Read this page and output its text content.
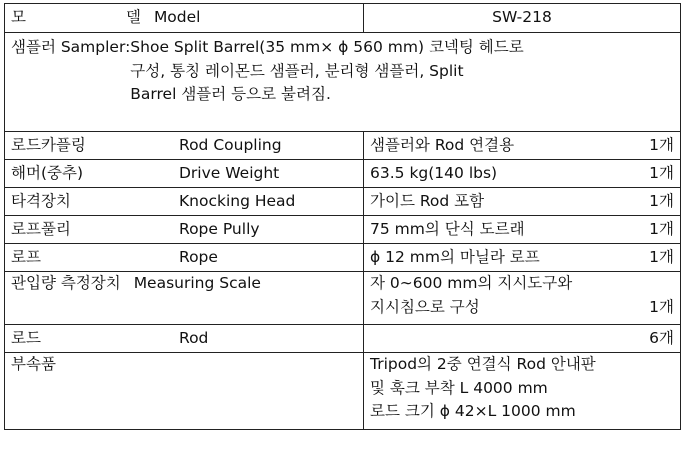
모 델 Model	SW-218

샘플러 Sampler: Shoe Split Barrel(35 mm× ϕ 560 mm) 코넥팅 헤드로
구성, 통칭 레이몬드 샘플러, 분리형 샘플러, Split
Barrel 샘플러 등으로 불려짐.	

로드카플링 Rod Coupling	샘플러와 Rod 연결용 1개

해머(중추) Drive Weight	63.5 kg(140 lbs) 1개

타격장치 Knocking Head	가이드 Rod 포함 1개

로프풀리 Rope Pully	75 mm의 단식 도르래 1개

로프 Rope	ϕ 12 mm의 마닐라 로프 1개

관입량 측정장치 Measuring Scale	자 0∼600 mm의 지시도구와
지시침으로 구성 1개

로드 Rod	6개
부속품	Tripod의 2중 연결식 Rod 안내판
및 훅크 부착 L 4000 mm
로드 크기 ϕ 42×L 1000 mm
